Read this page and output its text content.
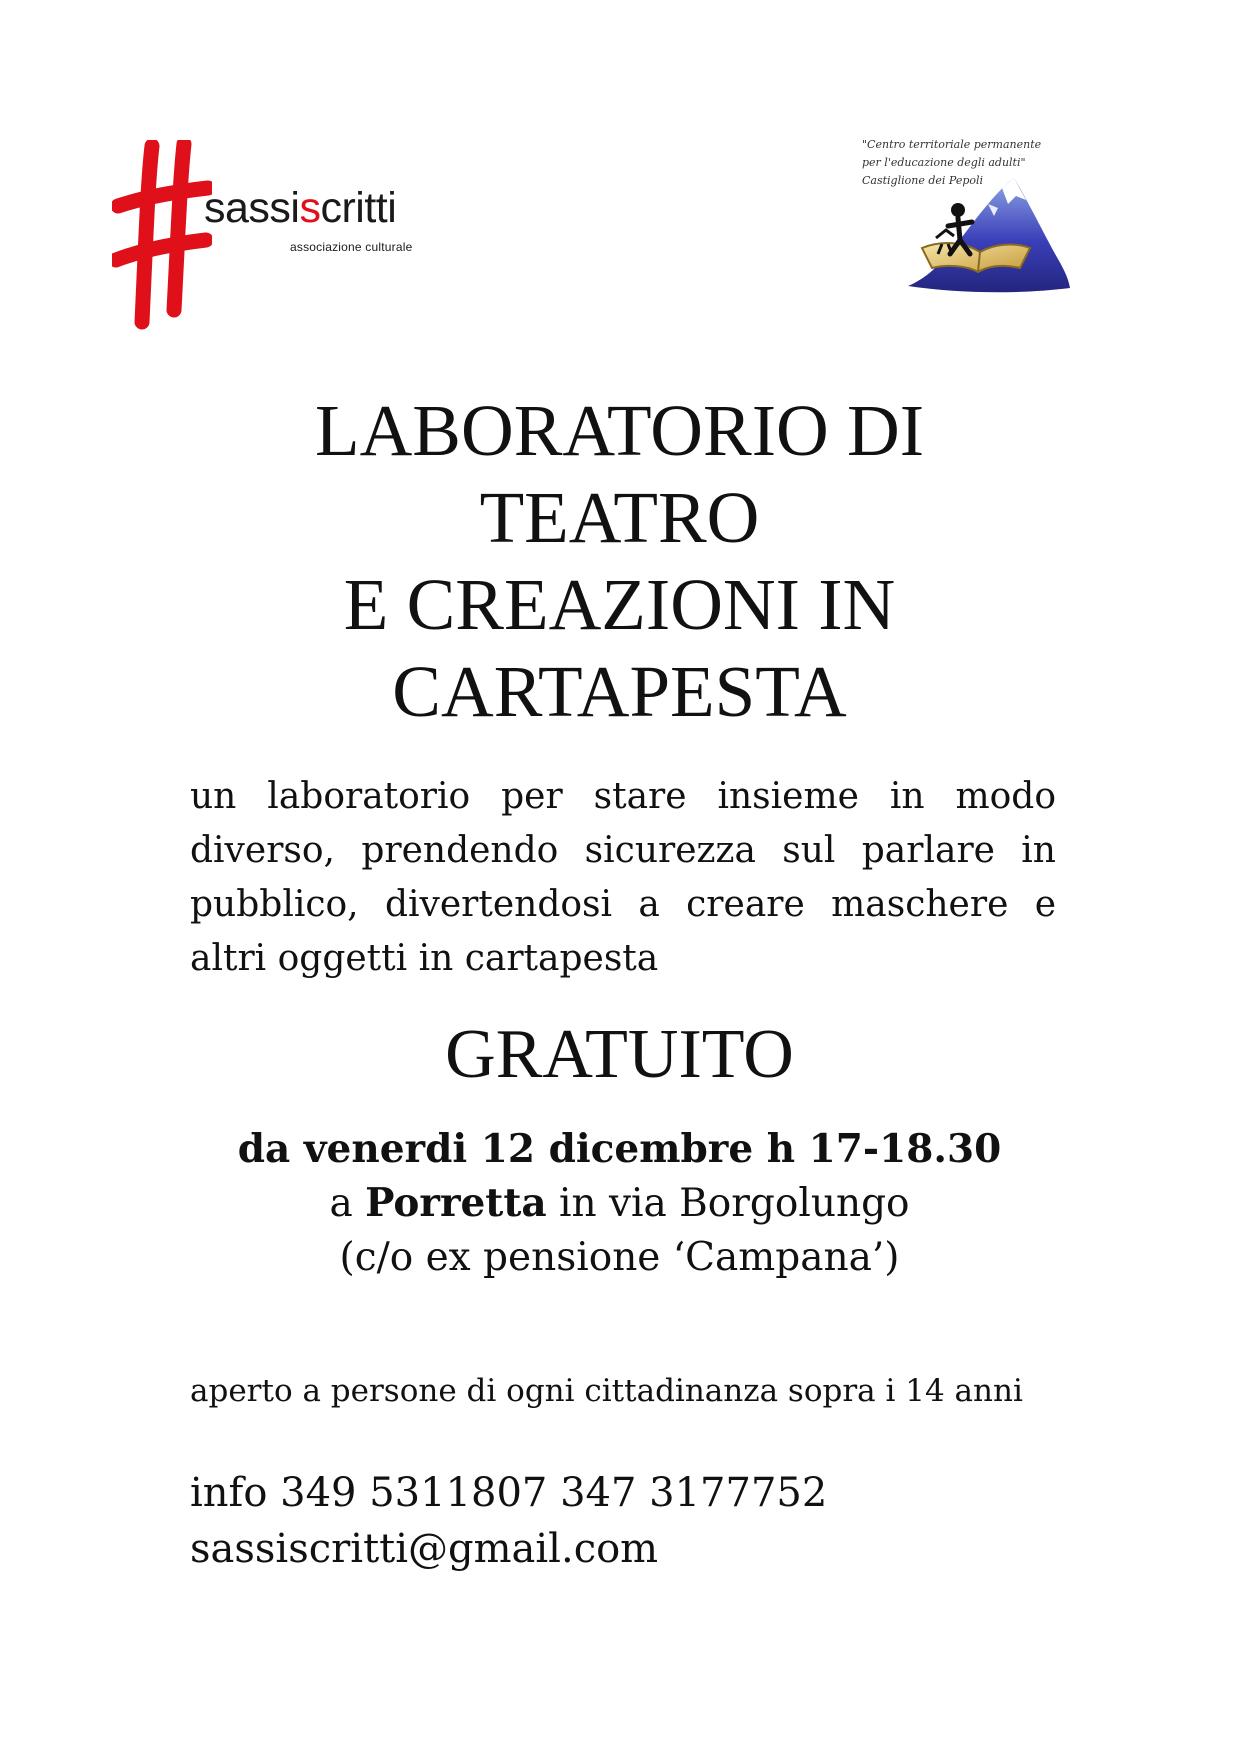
sassiscritti
associazione culturale
"Centro territoriale permanente
per l'educazione degli adulti"
Castiglione dei Pepoli
LABORATORIO DI
TEATRO
E CREAZIONI IN
CARTAPESTA

un laboratorio per stare insieme in modo diverso, prendendo sicurezza sul parlare in pubblico, divertendosi a creare maschere e altri oggetti in cartapesta

GRATUITO
da venerdi 12 dicembre h 17-18.30
a Porretta in via Borgolungo
(c/o ex pensione ‘Campana’)
aperto a persone di ogni cittadinanza sopra i 14 anni
info 349 5311807 347 3177752
sassiscritti@gmail.com
